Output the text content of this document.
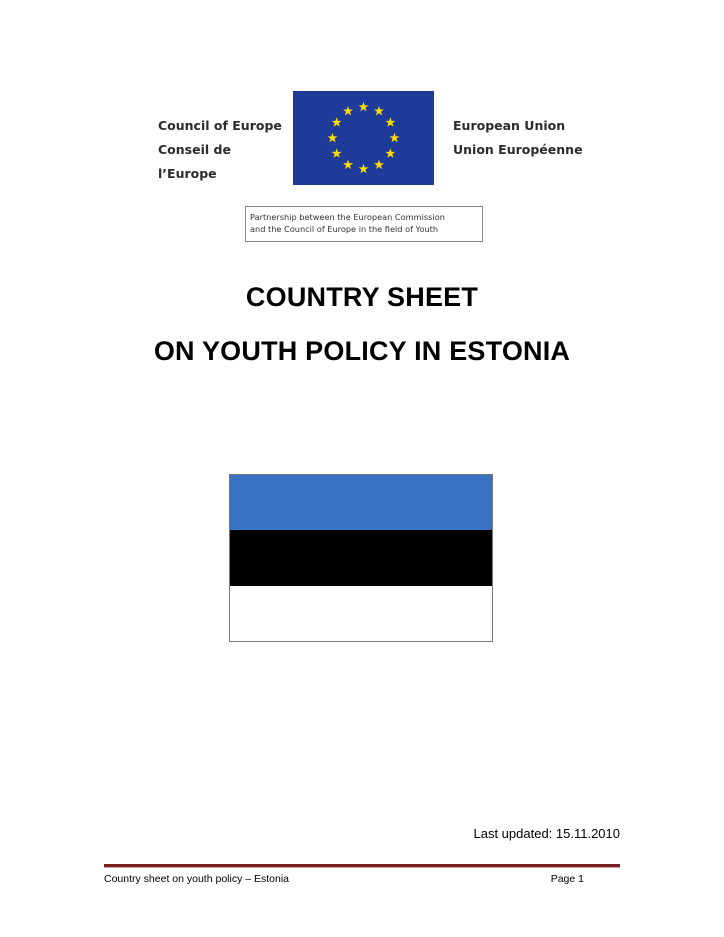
Council of Europe
Conseil de l’Europe
European Union
Union Européenne
Partnership between the European Commission
and the Council of Europe in the field of Youth
COUNTRY SHEET
ON YOUTH POLICY IN ESTONIA
Last updated: 15.11.2010
Country sheet on youth policy – Estonia	Page 1
